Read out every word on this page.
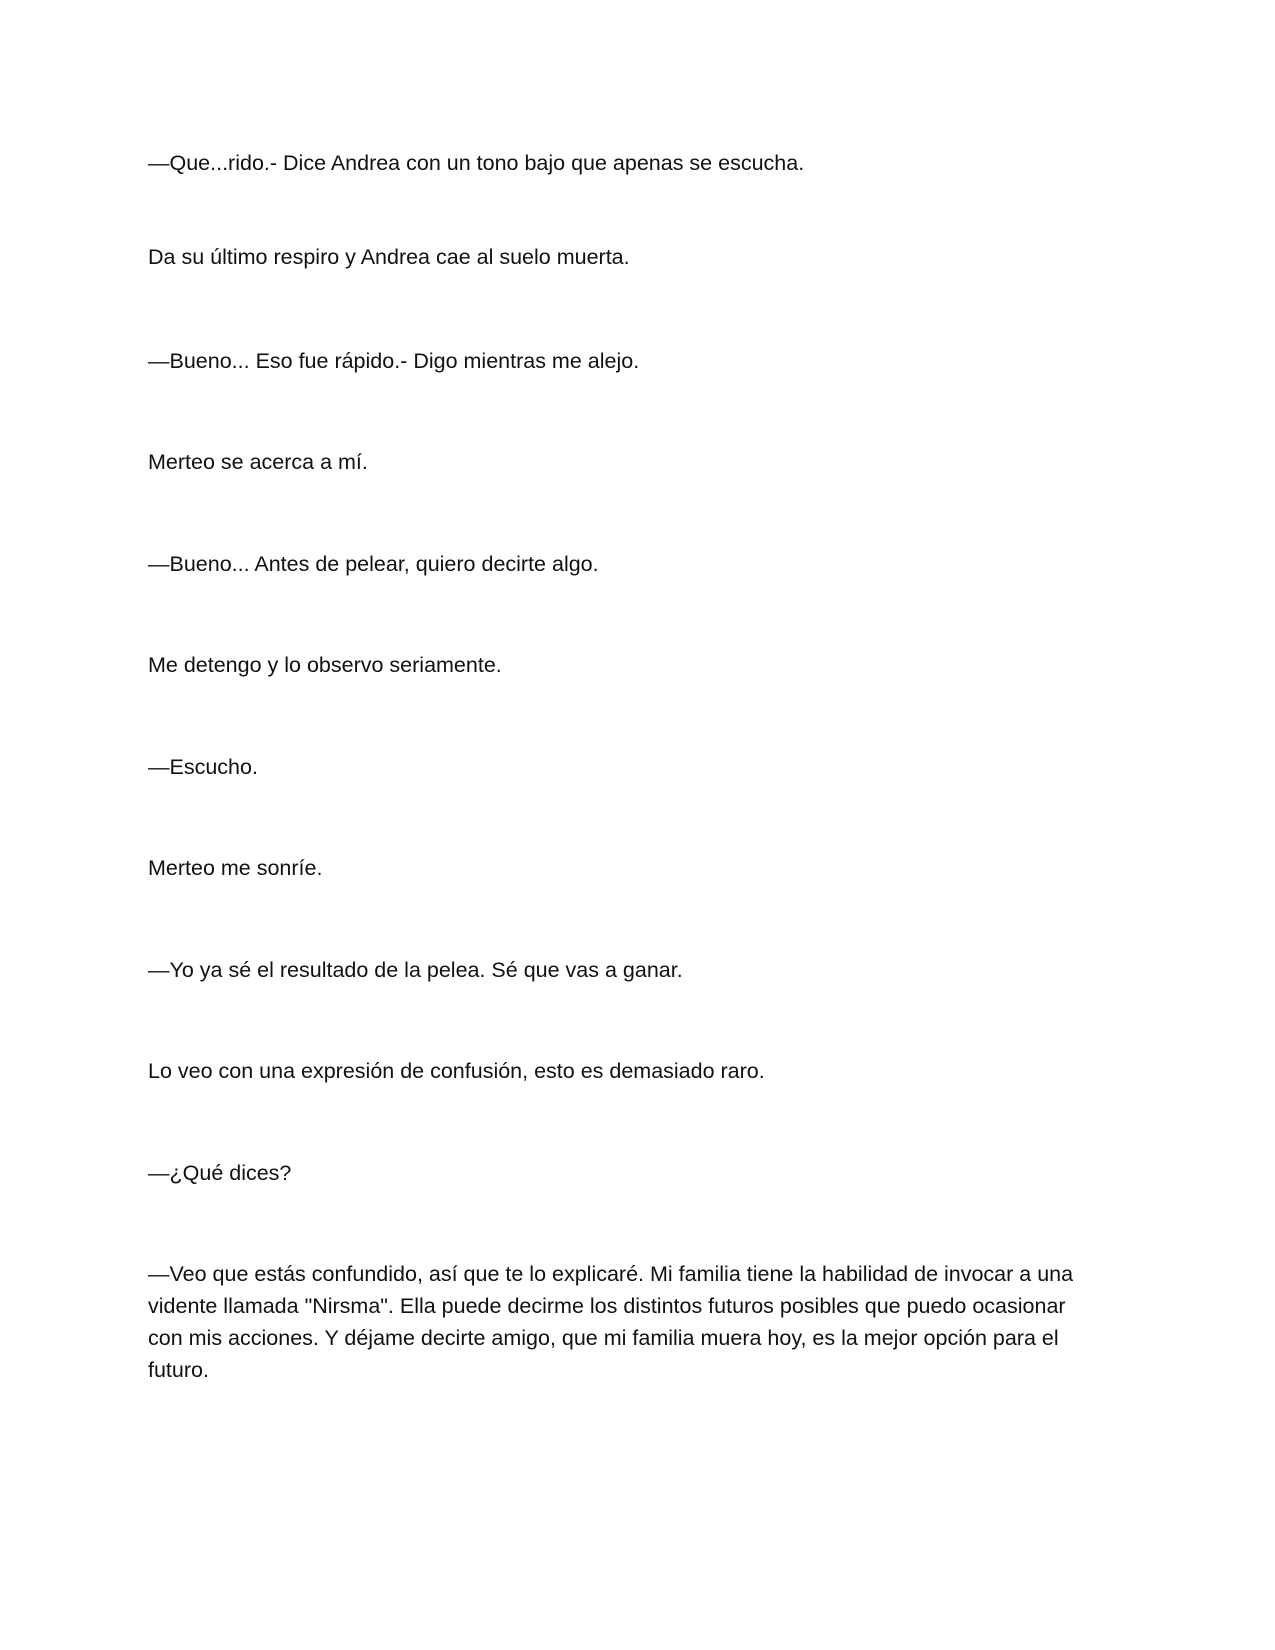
—Que...rido.- Dice Andrea con un tono bajo que apenas se escucha.

Da su último respiro y Andrea cae al suelo muerta.

—Bueno... Eso fue rápido.- Digo mientras me alejo.

Merteo se acerca a mí.

—Bueno... Antes de pelear, quiero decirte algo.

Me detengo y lo observo seriamente.

—Escucho.

Merteo me sonríe.

—Yo ya sé el resultado de la pelea. Sé que vas a ganar.

Lo veo con una expresión de confusión, esto es demasiado raro.

—¿Qué dices?

—Veo que estás confundido, así que te lo explicaré. Mi familia tiene la habilidad de invocar a una vidente llamada "Nirsma". Ella puede decirme los distintos futuros posibles que puedo ocasionar con mis acciones. Y déjame decirte amigo, que mi familia muera hoy, es la mejor opción para el futuro.
